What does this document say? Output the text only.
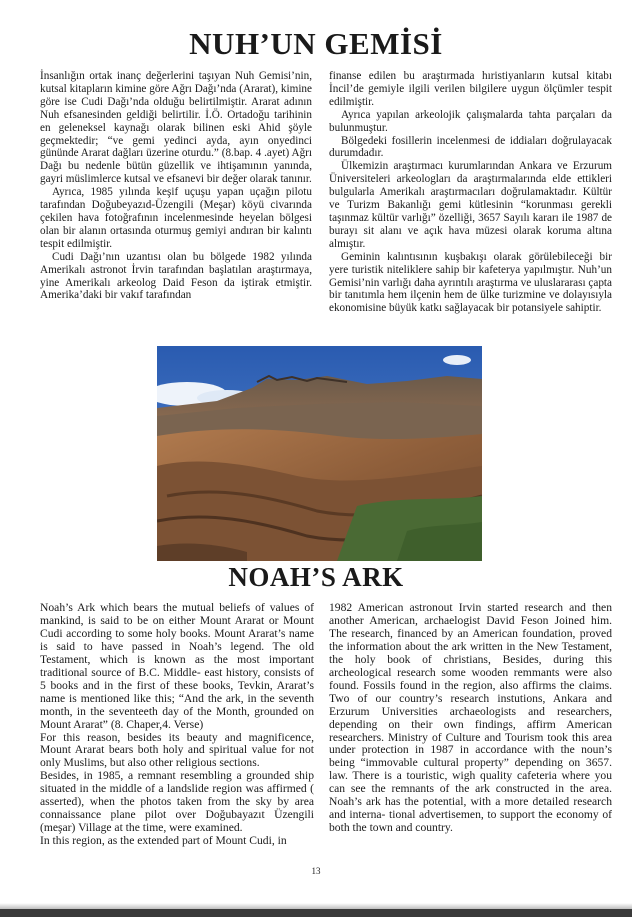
NUH’UN GEMİSİ

İnsanlığın ortak inanç değerlerini taşıyan Nuh Gemisi’nin, kutsal kitapların kimine göre Ağrı Dağı’nda (Ararat), kimine göre ise Cudi Dağı’nda olduğu belirtilmiştir. Ararat adının Nuh efsanesinden geldiği belirtilir. İ.Ö. Ortadoğu tarihinin en geleneksel kaynağı olarak bilinen eski Ahid şöyle geçmektedir; “ve gemi yedinci ayda, ayın onyedinci gününde Ararat dağları üzerine oturdu.” (8.bap. 4 .ayet) Ağrı Dağı bu nedenle bütün güzellik ve ihtişamının yanında, gayri müslimlerce kutsal ve efsanevi bir değer olarak tanınır.

Ayrıca, 1985 yılında keşif uçuşu yapan uçağın pilotu tarafından Doğubeyazıd-Üzengili (Meşar) köyü civarında çekilen hava fotoğrafının incelenmesinde heyelan bölgesi olan bir alanın ortasında oturmuş gemiyi andıran bir kalıntı tespit edilmiştir.

Cudi Dağı’nın uzantısı olan bu bölgede 1982 yılında Amerikalı astronot İrvin tarafından başlatılan araştırmaya, yine Amerikalı arkeolog Daid Feson da iştirak etmiştir. Amerika’daki bir vakıf tarafından

finanse edilen bu araştırmada hıristiyanların kutsal kitabı İncil’de gemiyle ilgili verilen bilgilere uygun ölçümler tespit edilmiştir.

Ayrıca yapılan arkeolojik çalışmalarda tahta parçaları da bulunmuştur.

Bölgedeki fosillerin incelenmesi de iddiaları doğrulayacak durumdadır.

Ülkemizin araştırmacı kurumlarından Ankara ve Erzurum Üniversiteleri arkeologları da araştırmalarında elde ettikleri bulgularla Amerikalı araştırmacıları doğrulamaktadır. Kültür ve Turizm Bakanlığı gemi kütlesinin “korunması gerekli taşınmaz kültür varlığı” özelliği, 3657 Sayılı kararı ile 1987 de burayı sit alanı ve açık hava müzesi olarak koruma altına almıştır.

Geminin kalıntısının kuşbakışı olarak görülebileceği bir yere turistik niteliklere sahip bir kafeterya yapılmıştır. Nuh’un Gemisi’nin varlığı daha ayrıntılı araştırma ve uluslararası çapta bir tanıtımla hem ilçenin hem de ülke turizmine ve dolayısıyla ekonomisine büyük katkı sağlayacak bir potansiyele sahiptir.

NOAH’S ARK

Noah’s Ark which bears the mutual beliefs of values of mankind, is said to be on either Mount Ararat or Mount Cudi according to some holy books. Mount Ararat’s name is said to have passed in Noah’s legend. The old Testament, which is known as the most important traditional source of B.C. Middle- east history, consists of 5 books and in the first of these books, Tevkin, Ararat’s name is mentioned like this; “And the ark, in the seventh month, in the seventeeth day of the Month, grounded on Mount Ararat” (8. Chaper,4. Verse)

For this reason, besides its beauty and magnificence, Mount Ararat bears both holy and spiritual value for not only Muslims, but also other religious sections.

Besides, in 1985, a remnant resembling a grounded ship situated in the middle of a landslide region was affirmed ( asserted), when the photos taken from the sky by area connaissance plane pilot over Doğubayazıt Üzengili (meşar) Village at the time, were examined.

In this region, as the extended part of Mount Cudi, in

1982 American astronout Irvin started research and then another American, archaelogist David Feson Joined him. The research, financed by an American foundation, proved the information about the ark written in the New Testament, the holy book of christians, Besides, during this archeological research some wooden remmants were also found. Fossils found in the region, also affirms the claims. Two of our country’s research instutions, Ankara and Erzurum Universities archaeologists and researchers, depending on their own findings, affirm American researchers. Ministry of Culture and Tourism took this area under protection in 1987 in accordance with the noun’s being “immovable cultural property” depending on 3657. law. There is a touristic, wigh quality cafeteria where you can see the remnants of the ark constructed in the area. Noah’s ark has the potential, with a more detailed research and interna- tional advertisemen, to support the economy of both the town and country.

13
